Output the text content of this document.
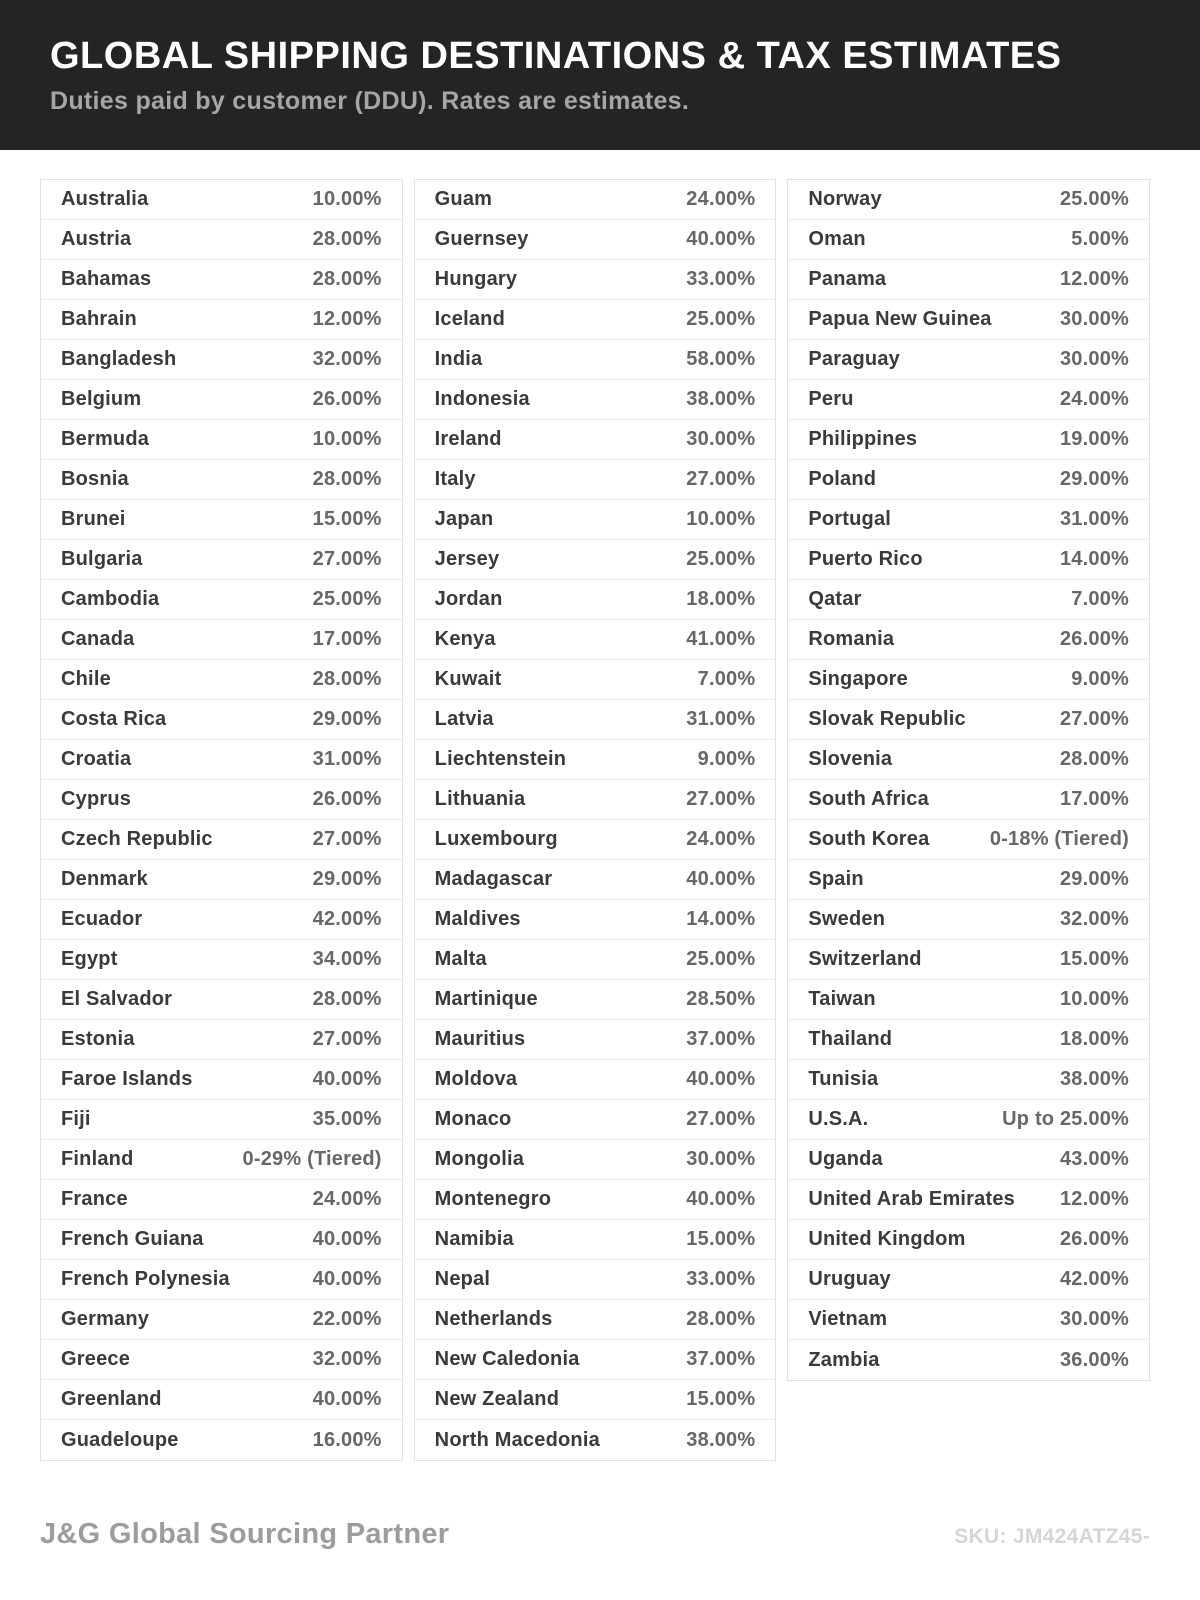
GLOBAL SHIPPING DESTINATIONS & TAX ESTIMATES

Duties paid by customer (DDU). Rates are estimates.

Australia	10.00%
Austria	28.00%
Bahamas	28.00%
Bahrain	12.00%
Bangladesh	32.00%
Belgium	26.00%
Bermuda	10.00%
Bosnia	28.00%
Brunei	15.00%
Bulgaria	27.00%
Cambodia	25.00%
Canada	17.00%
Chile	28.00%
Costa Rica	29.00%
Croatia	31.00%
Cyprus	26.00%
Czech Republic	27.00%
Denmark	29.00%
Ecuador	42.00%
Egypt	34.00%
El Salvador	28.00%
Estonia	27.00%
Faroe Islands	40.00%
Fiji	35.00%
Finland	0-29% (Tiered)
France	24.00%
French Guiana	40.00%
French Polynesia	40.00%
Germany	22.00%
Greece	32.00%
Greenland	40.00%
Guadeloupe	16.00%
Guam	24.00%
Guernsey	40.00%
Hungary	33.00%
Iceland	25.00%
India	58.00%
Indonesia	38.00%
Ireland	30.00%
Italy	27.00%
Japan	10.00%
Jersey	25.00%
Jordan	18.00%
Kenya	41.00%
Kuwait	7.00%
Latvia	31.00%
Liechtenstein	9.00%
Lithuania	27.00%
Luxembourg	24.00%
Madagascar	40.00%
Maldives	14.00%
Malta	25.00%
Martinique	28.50%
Mauritius	37.00%
Moldova	40.00%
Monaco	27.00%
Mongolia	30.00%
Montenegro	40.00%
Namibia	15.00%
Nepal	33.00%
Netherlands	28.00%
New Caledonia	37.00%
New Zealand	15.00%
North Macedonia	38.00%
Norway	25.00%
Oman	5.00%
Panama	12.00%
Papua New Guinea	30.00%
Paraguay	30.00%
Peru	24.00%
Philippines	19.00%
Poland	29.00%
Portugal	31.00%
Puerto Rico	14.00%
Qatar	7.00%
Romania	26.00%
Singapore	9.00%
Slovak Republic	27.00%
Slovenia	28.00%
South Africa	17.00%
South Korea	0-18% (Tiered)
Spain	29.00%
Sweden	32.00%
Switzerland	15.00%
Taiwan	10.00%
Thailand	18.00%
Tunisia	38.00%
U.S.A.	Up to 25.00%
Uganda	43.00%
United Arab Emirates 12.00%
United Kingdom	26.00%
Uruguay	42.00%
Vietnam	30.00%
Zambia	36.00%
J&G Global Sourcing Partner	SKU: JM424ATZ45-
